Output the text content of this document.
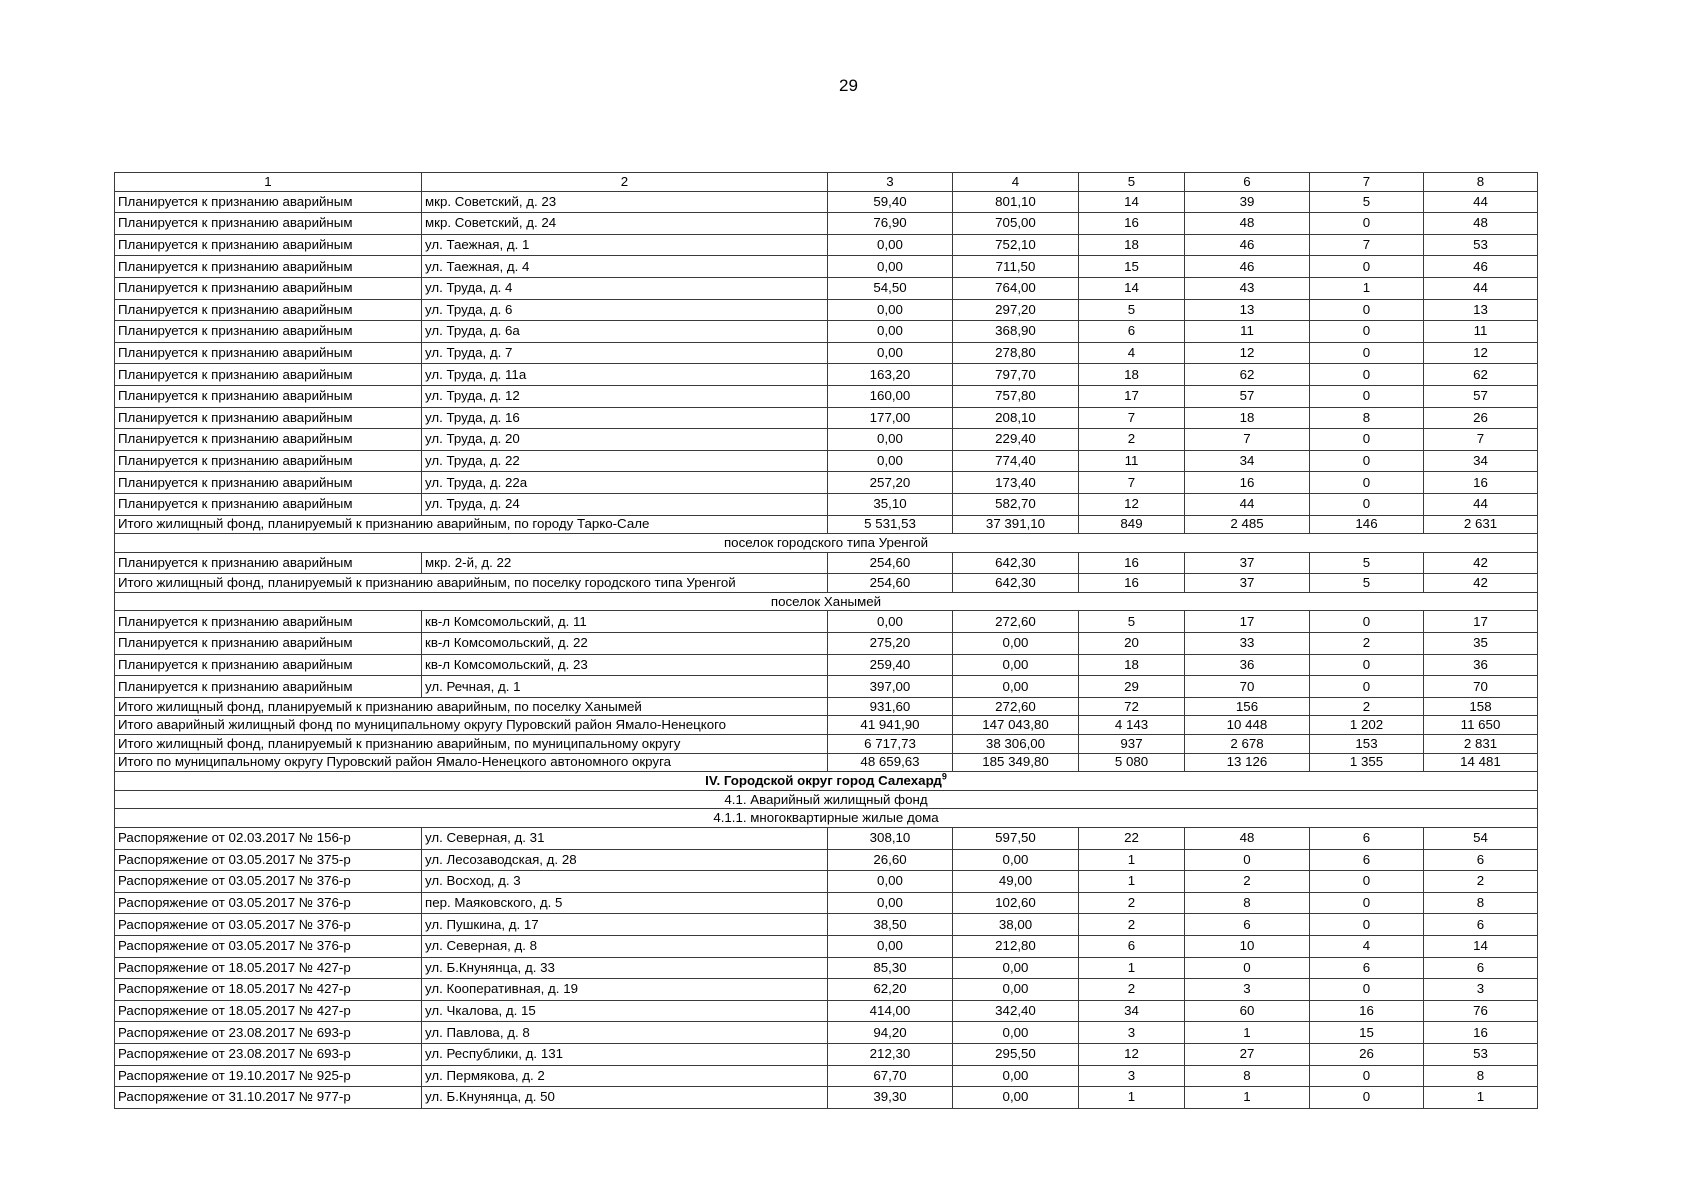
29
1	2	3	4	5	6	7	8
Планируется к признанию аварийным	мкр. Советский, д. 23	59,40	801,10	14	39	5	44
Планируется к признанию аварийным	мкр. Советский, д. 24	76,90	705,00	16	48	0	48
Планируется к признанию аварийным	ул. Таежная, д. 1	0,00	752,10	18	46	7	53
Планируется к признанию аварийным	ул. Таежная, д. 4	0,00	711,50	15	46	0	46
Планируется к признанию аварийным	ул. Труда, д. 4	54,50	764,00	14	43	1	44
Планируется к признанию аварийным	ул. Труда, д. 6	0,00	297,20	5	13	0	13
Планируется к признанию аварийным	ул. Труда, д. 6а	0,00	368,90	6	11	0	11
Планируется к признанию аварийным	ул. Труда, д. 7	0,00	278,80	4	12	0	12
Планируется к признанию аварийным	ул. Труда, д. 11а	163,20	797,70	18	62	0	62
Планируется к признанию аварийным	ул. Труда, д. 12	160,00	757,80	17	57	0	57
Планируется к признанию аварийным	ул. Труда, д. 16	177,00	208,10	7	18	8	26
Планируется к признанию аварийным	ул. Труда, д. 20	0,00	229,40	2	7	0	7
Планируется к признанию аварийным	ул. Труда, д. 22	0,00	774,40	11	34	0	34
Планируется к признанию аварийным	ул. Труда, д. 22а	257,20	173,40	7	16	0	16
Планируется к признанию аварийным	ул. Труда, д. 24	35,10	582,70	12	44	0	44
Итого жилищный фонд, планируемый к признанию аварийным, по городу Тарко-Сале		5 531,53	37 391,10	849	2 485	146	2 631
поселок городского типа Уренгой							
Планируется к признанию аварийным	мкр. 2-й, д. 22	254,60	642,30	16	37	5	42
Итого жилищный фонд, планируемый к признанию аварийным, по поселку городского типа Уренгой		254,60	642,30	16	37	5	42
поселок Ханымей							
Планируется к признанию аварийным	кв-л Комсомольский, д. 11	0,00	272,60	5	17	0	17
Планируется к признанию аварийным	кв-л Комсомольский, д. 22	275,20	0,00	20	33	2	35
Планируется к признанию аварийным	кв-л Комсомольский, д. 23	259,40	0,00	18	36	0	36
Планируется к признанию аварийным	ул. Речная, д. 1	397,00	0,00	29	70	0	70
Итого жилищный фонд, планируемый к признанию аварийным, по поселку Ханымей		931,60	272,60	72	156	2	158
Итого аварийный жилищный фонд по муниципальному округу Пуровский район Ямало-Ненецкого		41 941,90	147 043,80	4 143	10 448	1 202	11 650
Итого жилищный фонд, планируемый к признанию аварийным, по муниципальному округу		6 717,73	38 306,00	937	2 678	153	2 831
Итого по муниципальному округу Пуровский район Ямало-Ненецкого автономного округа		48 659,63	185 349,80	5 080	13 126	1 355	14 481
IV. Городской округ город Салехард$^9$
4.1. Аварийный жилищный фонд							
4.1.1. многоквартирные жилые дома							
Распоряжение от 02.03.2017 № 156-р	ул. Северная, д. 31	308,10	597,50	22	48	6	54
Распоряжение от 03.05.2017 № 375-р	ул. Лесозаводская, д. 28	26,60	0,00	1	0	6	6
Распоряжение от 03.05.2017 № 376-р	ул. Восход, д. 3	0,00	49,00	1	2	0	2
Распоряжение от 03.05.2017 № 376-р	пер. Маяковского, д. 5	0,00	102,60	2	8	0	8
Распоряжение от 03.05.2017 № 376-р	ул. Пушкина, д. 17	38,50	38,00	2	6	0	6
Распоряжение от 03.05.2017 № 376-р	ул. Северная, д. 8	0,00	212,80	6	10	4	14
Распоряжение от 18.05.2017 № 427-р	ул. Б.Кнунянца, д. 33	85,30	0,00	1	0	6	6
Распоряжение от 18.05.2017 № 427-р	ул. Кооперативная, д. 19	62,20	0,00	2	3	0	3
Распоряжение от 18.05.2017 № 427-р	ул. Чкалова, д. 15	414,00	342,40	34	60	16	76
Распоряжение от 23.08.2017 № 693-р	ул. Павлова, д. 8	94,20	0,00	3	1	15	16
Распоряжение от 23.08.2017 № 693-р	ул. Республики, д. 131	212,30	295,50	12	27	26	53
Распоряжение от 19.10.2017 № 925-р	ул. Пермякова, д. 2	67,70	0,00	3	8	0	8
Распоряжение от 31.10.2017 № 977-р	ул. Б.Кнунянца, д. 50	39,30	0,00	1	1	0	1
